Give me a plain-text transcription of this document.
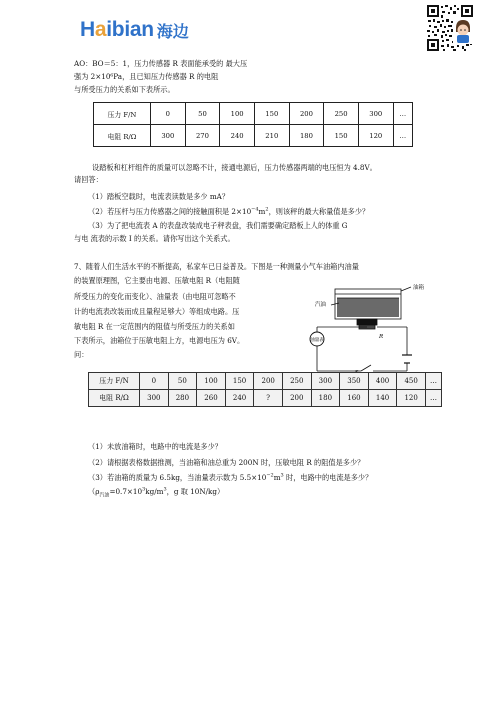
Haibian 海边
AO：BO＝5：1，压力传感器 R 表面能承受的 最大压
强为 2×10⁶Pa，且已知压力传感器 R 的电阻
与所受压力的关系如下表所示。
压力 F/N	0	50	100	150	200	250	300	…
电阻 R/Ω	300	270	240	210	180	150	120	…
设踏板和杠杆组件的质量可以忽略不计，接通电源后，压力传感器两端的电压恒为 4.8V。
请回答：
（1）踏板空载时，电流表读数是多少 mA？
（2）若压杆与压力传感器之间的接触面积是 $2\times 10^{-4}m^2$，则该秤的最大称量值是多少？
（3）为了把电流表 A 的表盘改装成电子秤表盘，我们需要确定踏板上人的体重 G
与电 流表的示数 I 的关系。请你写出这个关系式。
7、随着人们生活水平的不断提高，私家车已日益普及。下图是一种测量小气车油箱内油量
的装置原理图，它主要由电源、压敏电阻 R（电阻随
所受压力的变化而变化）、油量表（由电阻可忽略不
计的电流表改装而成且量程足够大）等组成电路。压
敏电阻 R 在一定范围内的阻值与所受压力的关系如
下表所示，油箱位于压敏电阻上方，电源电压为 6V。
问：
油量表
汽油
油箱
R
压力 F/N	0	50	100	150	200	250	300	350	400	450	…
电阻 R/Ω	300	280	260	240	?	200	180	160	140	120	…
（1）未放油箱时，电路中的电流是多少？
（2）请根据表格数据推测，当油箱和油总重为 200N 时，压敏电阻 R 的阻值是多少？
（3）若油箱的质量为 6.5kg，当油量表示数为 $5.5\times 10^{-2}m^3$ 时，电路中的电流是多少？
（$\rho_{汽油}=0.7\times 10^3kg/m^3$，g 取 10N/kg）
